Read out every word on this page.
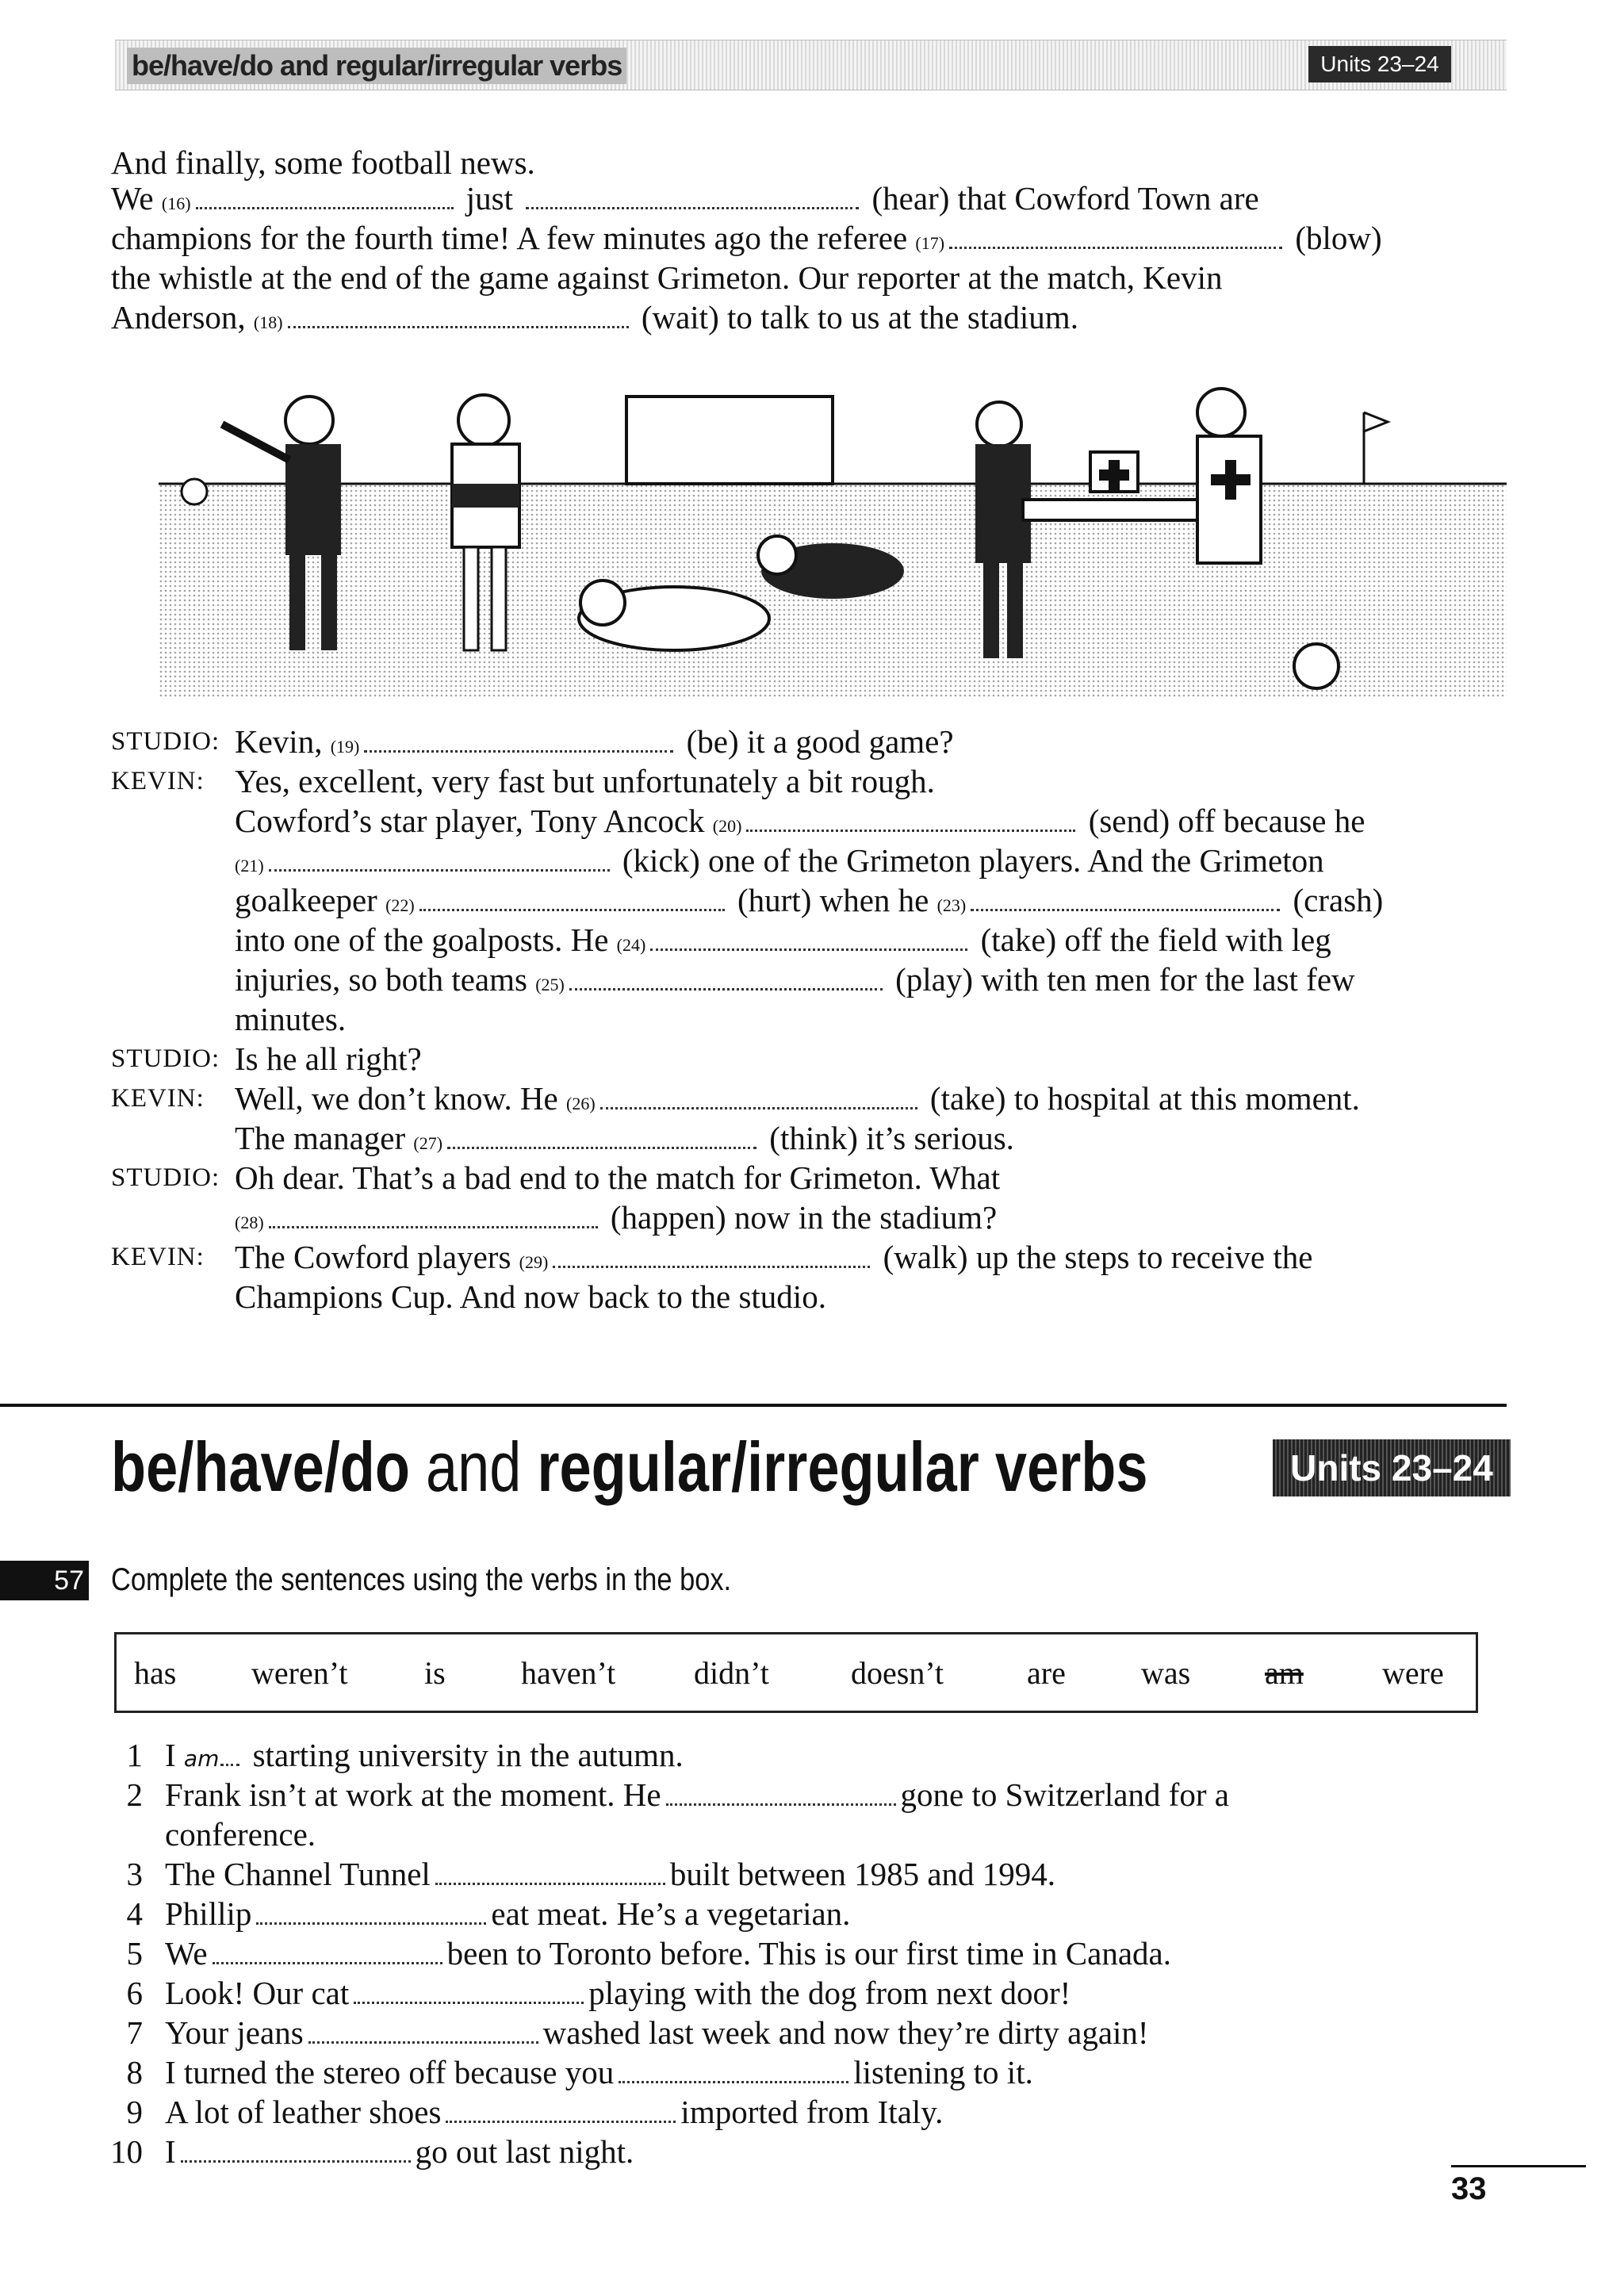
be/have/do and regular/irregular verbs	Units 23–24
And finally, some football news.
We (16)	just	(hear) that Cowford Town are
champions for the fourth time! A few minutes ago the referee (17)	(blow)
the whistle at the end of the game against Grimeton. Our reporter at the match, Kevin
Anderson, (18)	(wait) to talk to us at the stadium.
STUDIO: Kevin, (19)	(be) it a good game?
KEVIN: Yes, excellent, very fast but unfortunately a bit rough.
Cowford’s star player, Tony Ancock (20)	(send) off because he
(21)	(kick) one of the Grimeton players. And the Grimeton
goalkeeper (22)	(hurt) when he (23)	(crash)
into one of the goalposts. He (24)	(take) off the field with leg
injuries, so both teams (25)	(play) with ten men for the last few
minutes.
STUDIO: Is he all right?
KEVIN: Well, we don’t know. He (26)	(take) to hospital at this moment.
The manager (27)	(think) it’s serious.
STUDIO: Oh dear. That’s a bad end to the match for Grimeton. What
(28)	(happen) now in the stadium?
KEVIN: The Cowford players (29)	(walk) up the steps to receive the
Champions Cup. And now back to the studio.
be/have/do and regular/irregular verbs	Units 23–24
57 Complete the sentences using the verbs in the box.
has weren’t is haven’t didn’t	doesn’t	are was am were
1 I am starting university in the autumn.
2 Frank isn’t at work at the moment. He	gone to Switzerland for a
conference.
3 The Channel Tunnel	built between 1985 and 1994.
4 Phillip	eat meat. He’s a vegetarian.
5 We	been to Toronto before. This is our first time in Canada.
6 Look! Our cat	playing with the dog from next door!
7 Your jeans	washed last week and now they’re dirty again!
8 I turned the stereo off because you	listening to it.
9 A lot of leather shoes	imported from Italy.
10 I	go out last night.
33
